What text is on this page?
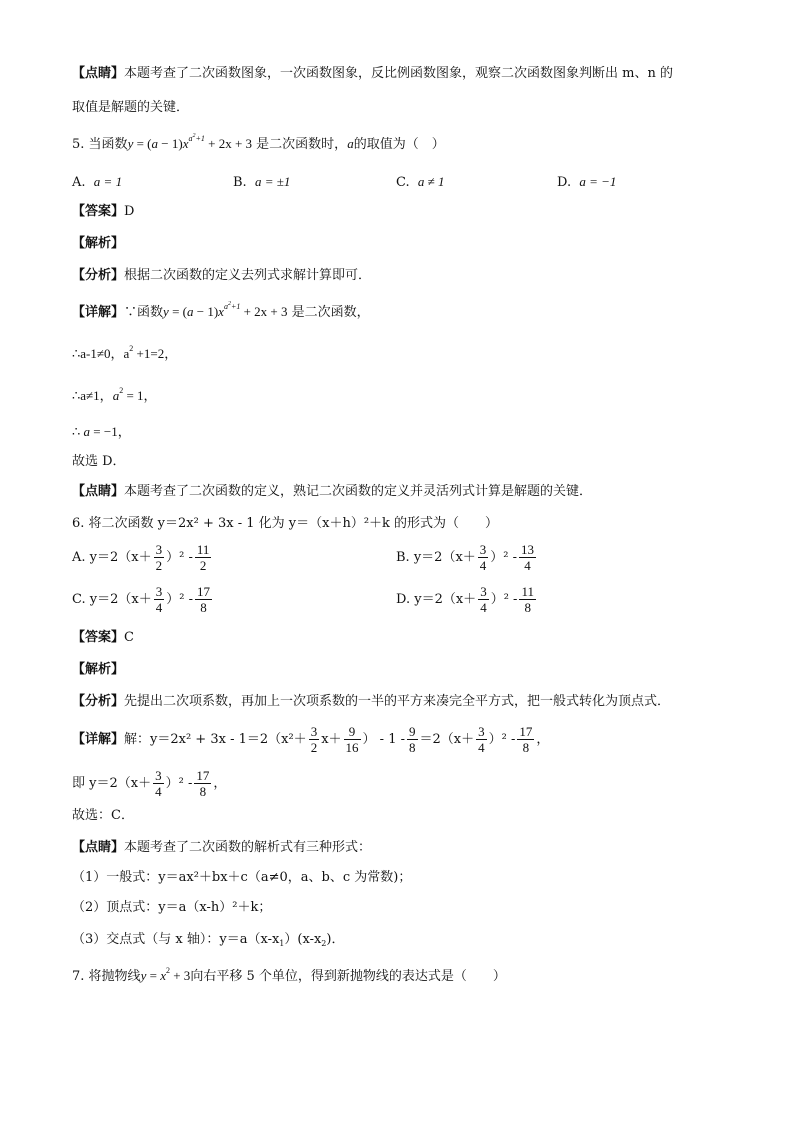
【点睛】本题考查了二次函数图象，一次函数图象，反比例函数图象，观察二次函数图象判断出 m、n 的
取值是解题的关键．
5. 当函数$y = (a - 1)x^{a^2+1} + 2x + 3$ 是二次函数时，a的取值为（　）
A. a = 1	B. a = ±1	C. a ≠ 1	D. a = −1
【答案】D
【解析】
【分析】根据二次函数的定义去列式求解计算即可．
【详解】∵函数$y = (a - 1)x^{a^2+1} + 2x + 3$ 是二次函数，
∴a-1≠0，$a^2 +1=2$，
∴a≠1，$a^2 = 1$，
∴ a = −1，
故选 D．
【点睛】本题考查了二次函数的定义，熟记二次函数的定义并灵活列式计算是解题的关键．
6. 将二次函数 y＝2x² + 3x - 1 化为 y＝（x＋h）²＋k 的形式为（　　）
A. $y=2(x+ \frac{3}{2} )^2 - \frac{11}{2}$	B. $y=2(x+ \frac{3}{4} )^2 - \frac{13}{4}$
C. $y=2(x+ \frac{3}{4} )^2 - \frac{17}{8}$	D. $y=2(x+ \frac{3}{4} )^2 - \frac{11}{8}$
【答案】C
【解析】
【分析】先提出二次项系数，再加上一次项系数的一半的平方来凑完全平方式，把一般式转化为顶点式．
【详解】解：$y=2x^2 + 3x - 1=2(x^2+ \frac{3}{2} x+ \frac{9}{16}$ ） - $1 - \frac{9}{8} =2(x+ \frac{3}{4} )^2 - \frac{17}{8}$ ，
即 $y=2(x+ \frac{3}{4} )^2 - \frac{17}{8}$ ，
故选：C．
【点睛】本题考查了二次函数的解析式有三种形式：
（1）一般式：y＝ax²＋bx＋c（a≠0，a、b、c 为常数)；
（2）顶点式：y＝a（x-h）²＋k；
（3）交点式（与 x 轴）：$y=a(x-x_1)(x-x_2)$．
7. 将抛物线$y = x^2 + 3$向右平移 5 个单位，得到新抛物线的表达式是（　　）
